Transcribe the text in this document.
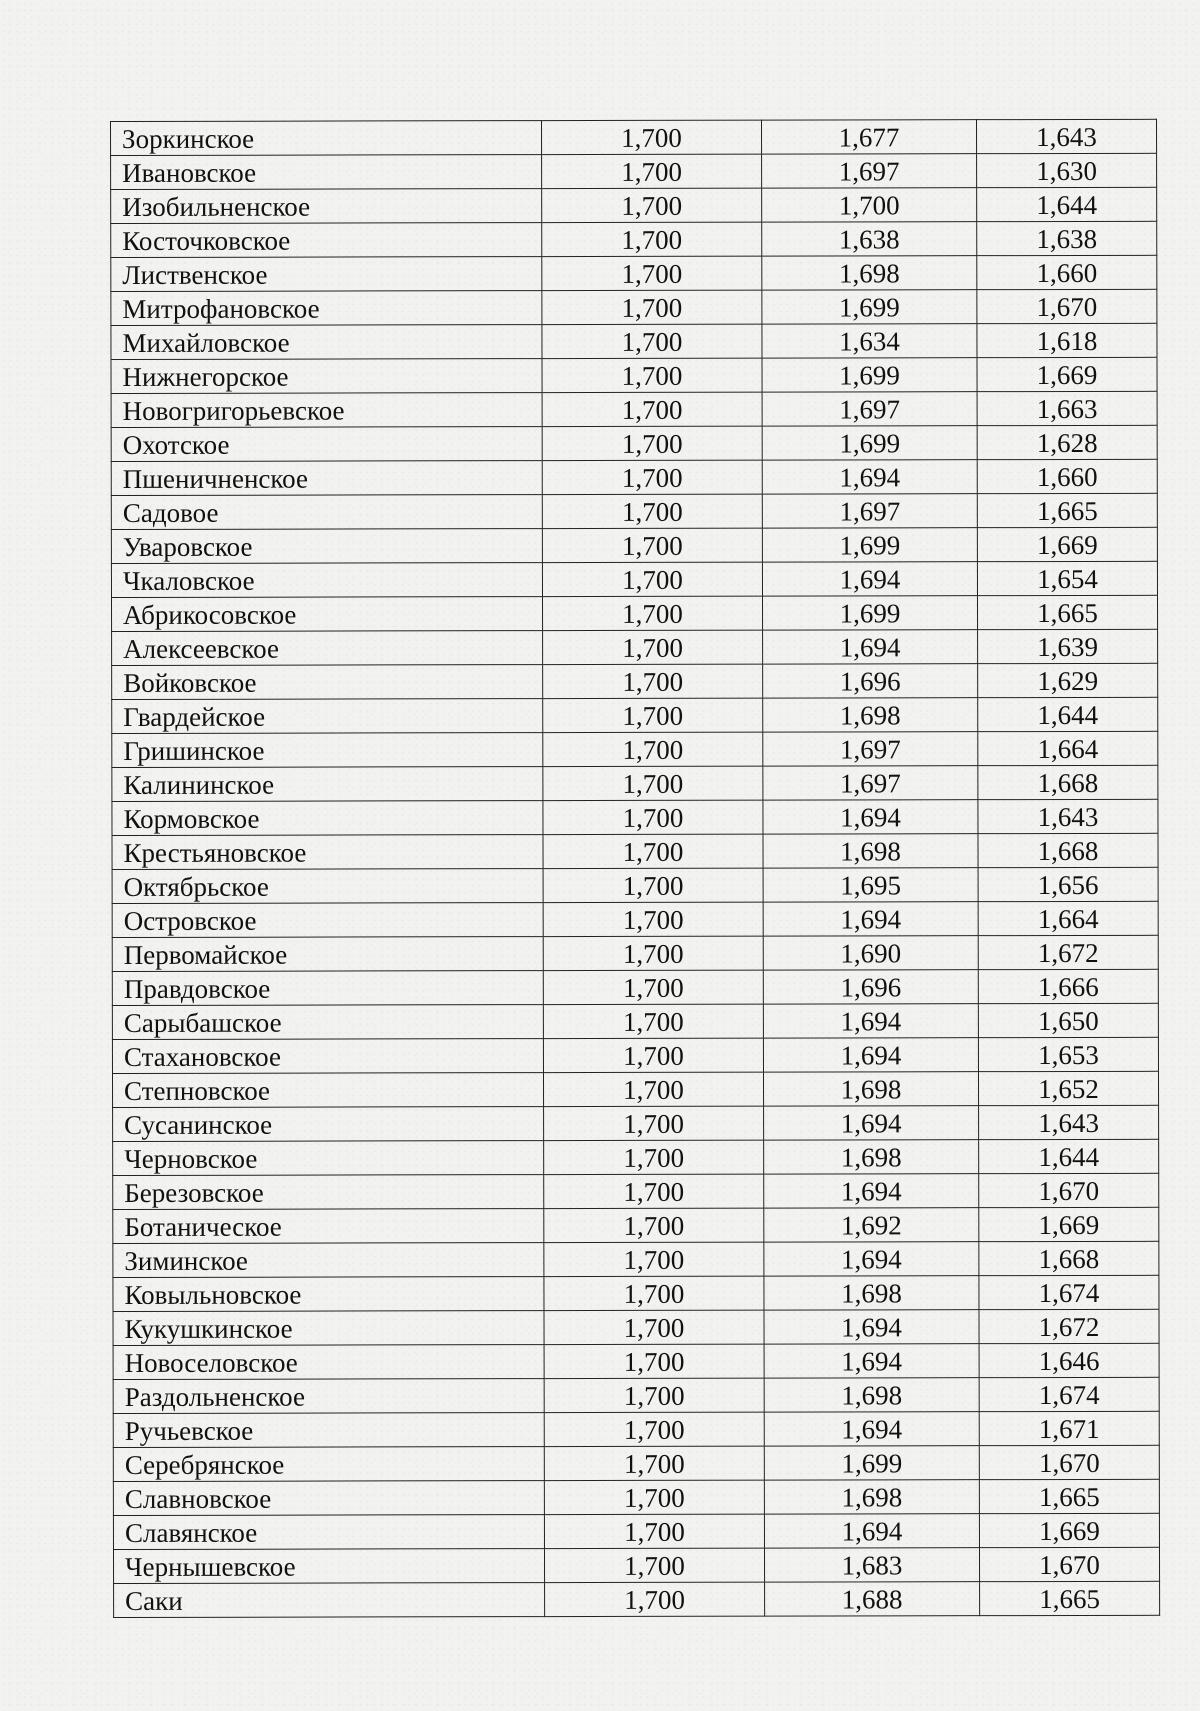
Зоркинское	1,700	1,677	1,643
Ивановское	1,700	1,697	1,630
Изобильненское	1,700	1,700	1,644
Косточковское	1,700	1,638	1,638
Лиственское	1,700	1,698	1,660
Митрофановское	1,700	1,699	1,670
Михайловское	1,700	1,634	1,618
Нижнегорское	1,700	1,699	1,669
Новогригорьевское	1,700	1,697	1,663
Охотское	1,700	1,699	1,628
Пшеничненское	1,700	1,694	1,660
Садовое	1,700	1,697	1,665
Уваровское	1,700	1,699	1,669
Чкаловское	1,700	1,694	1,654
Абрикосовское	1,700	1,699	1,665
Алексеевское	1,700	1,694	1,639
Войковское	1,700	1,696	1,629
Гвардейское	1,700	1,698	1,644
Гришинское	1,700	1,697	1,664
Калининское	1,700	1,697	1,668
Кормовское	1,700	1,694	1,643
Крестьяновское	1,700	1,698	1,668
Октябрьское	1,700	1,695	1,656
Островское	1,700	1,694	1,664
Первомайское	1,700	1,690	1,672
Правдовское	1,700	1,696	1,666
Сарыбашское	1,700	1,694	1,650
Стахановское	1,700	1,694	1,653
Степновское	1,700	1,698	1,652
Сусанинское	1,700	1,694	1,643
Черновское	1,700	1,698	1,644
Березовское	1,700	1,694	1,670
Ботаническое	1,700	1,692	1,669
Зиминское	1,700	1,694	1,668
Ковыльновское	1,700	1,698	1,674
Кукушкинское	1,700	1,694	1,672
Новоселовское	1,700	1,694	1,646
Раздольненское	1,700	1,698	1,674
Ручьевское	1,700	1,694	1,671
Серебрянское	1,700	1,699	1,670
Славновское	1,700	1,698	1,665
Славянское	1,700	1,694	1,669
Чернышевское	1,700	1,683	1,670
Саки	1,700	1,688	1,665
